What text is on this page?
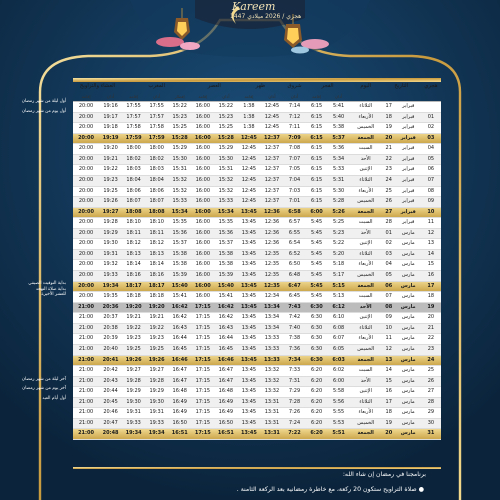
Kareem
1447 هجري / 2026 ميلادي
العشاء والتراويح		المغرب			العصر		ظهر		شروق	الفجر		اليوم	التاريخ		هجري
إقامة	أذان	إقامة	أذان	إفطار	إقامة	أذان	إقامة	أذان	أذان	إقامة	أذان				
20:00	19:16	17:55	17:55	15:22	16:00	15:22	1:38	12:45	7:14	6:15	5:41	الثلاثاء	17	فبراير	
20:00	19:17	17:57	17:57	15:23	16:00	15:23	1:38	12:45	7:12	6:15	5:40	الأربعاء	18	فبراير	01
20:00	19:18	17:58	17:58	15:25	16:00	15:25	1:38	12:45	7:11	6:15	5:38	الخميس	19	فبراير	02
20:00	19:19	17:59	17:59	15:28	16:00	15:28	12:45	12:37	7:09	6:15	5:37	الجمعة	20	فبراير	03
20:00	19:20	18:00	18:00	15:29	16:00	15:29	12:45	12:37	7:08	6:15	5:36	السبت	21	فبراير	04
20:00	19:21	18:02	18:02	15:30	16:00	15:30	12:45	12:37	7:07	6:15	5:34	الأحد	22	فبراير	05
20:00	19:22	18:03	18:03	15:31	16:00	15:31	12:45	12:37	7:05	6:15	5:33	الإثنين	23	فبراير	06
20:00	19:23	18:04	18:04	15:32	16:00	15:32	12:45	12:37	7:04	6:15	5:31	الثلاثاء	24	فبراير	07
20:00	19:25	18:06	18:06	15:32	16:00	15:32	12:45	12:37	7:03	6:15	5:30	الأربعاء	25	فبراير	08
20:00	19:26	18:07	18:07	15:33	16:00	15:33	12:45	12:37	7:01	6:15	5:28	الخميس	26	فبراير	09
20:00	19:27	18:08	18:08	15:34	16:00	15:34	13:45	12:36	6:58	6:00	5:26	الجمعة	27	فبراير	10
20:00	19:28	18:10	18:10	15:35	16:00	15:35	13:45	12:36	6:57	5:45	5:25	السبت	28	فبراير	11
20:00	19:29	18:11	18:11	15:36	16:00	15:36	13:45	12:36	6:55	5:45	5:23	الأحد	01	مارس	12
20:00	19:30	18:12	18:12	15:37	16:00	15:37	13:45	12:36	6:54	5:45	5:22	الإثنين	02	مارس	13
20:00	19:31	18:13	18:13	15:38	16:00	15:38	13:45	12:35	6:52	5:45	5:20	الثلاثاء	03	مارس	14
20:00	19:32	18:14	18:14	15:38	16:00	15:38	13:45	12:35	6:50	5:45	5:18	الأربعاء	04	مارس	15
20:00	19:33	18:16	18:16	15:39	16:00	15:39	13:45	12:35	6:48	5:45	5:17	الخميس	05	مارس	16
20:00	19:34	18:17	18:17	15:40	16:00	15:40	13:45	12:35	6:47	5:45	5:15	الجمعة	06	مارس	17
20:00	19:35	18:18	18:18	15:41	16:00	15:41	13:45	12:34	6:45	5:45	5:13	السبت	07	مارس	18
21:00	20:36	19:20	19:20	16:42	17:15	16:42	13:45	13:34	7:43	6:30	6:12	الأحد	08	مارس	19
21:00	20:37	19:21	19:21	16:42	17:15	16:42	13:45	13:34	7:42	6:30	6:10	الإثنين	09	مارس	20
21:00	20:38	19:22	19:22	16:43	17:15	16:43	13:45	13:34	7:40	6:30	6:08	الثلاثاء	10	مارس	21
21:00	20:39	19:23	19:23	16:44	17:15	16:44	13:45	13:33	7:38	6:30	6:07	الأربعاء	11	مارس	22
21:00	20:40	19:25	19:25	16:45	17:15	16:45	13:45	13:33	7:36	6:30	6:05	الخميس	12	مارس	23
21:00	20:41	19:26	19:26	16:46	17:15	16:46	13:45	13:33	7:34	6:30	6:03	الجمعة	13	مارس	24
21:00	20:42	19:27	19:27	16:47	17:15	16:47	13:45	13:32	7:33	6:20	6:02	السبت	14	مارس	25
21:00	20:43	19:28	19:28	16:47	17:15	16:47	13:45	13:32	7:31	6:20	6:00	الأحد	15	مارس	26
21:00	20:44	19:29	19:29	16:48	17:15	16:48	13:45	13:32	7:29	6:20	5:58	الإثنين	16	مارس	27
21:00	20:45	19:30	19:30	16:49	17:15	16:49	13:45	13:31	7:28	6:20	5:56	الثلاثاء	17	مارس	28
21:00	20:46	19:31	19:31	16:49	17:15	16:49	13:45	13:31	7:26	6:20	5:55	الأربعاء	18	مارس	29
21:00	20:47	19:33	19:33	16:50	17:15	16:50	13:45	13:31	7:24	6:20	5:53	الخميس	19	مارس	30
21:00	20:48	19:34	19:34	16:51	17:15	16:51	13:45	13:31	7:22	6:20	5:51	الجمعة	20	مارس	31
أول ليلة من شهر رمضان
أول يوم من شهر رمضان
بداية التوقيت الصيفي
بداية صلاة التهجد
للعشر الأخيرة
آخر ليلة من شهر رمضان
آخر يوم من شهر رمضان
أول أيام العيد
برنامجنا في رمضان إن شاء الله:
● صلاة التراويح ستكون 20 ركعة، مع خاطرة رمضانية بعد الركعة الثامنة .
